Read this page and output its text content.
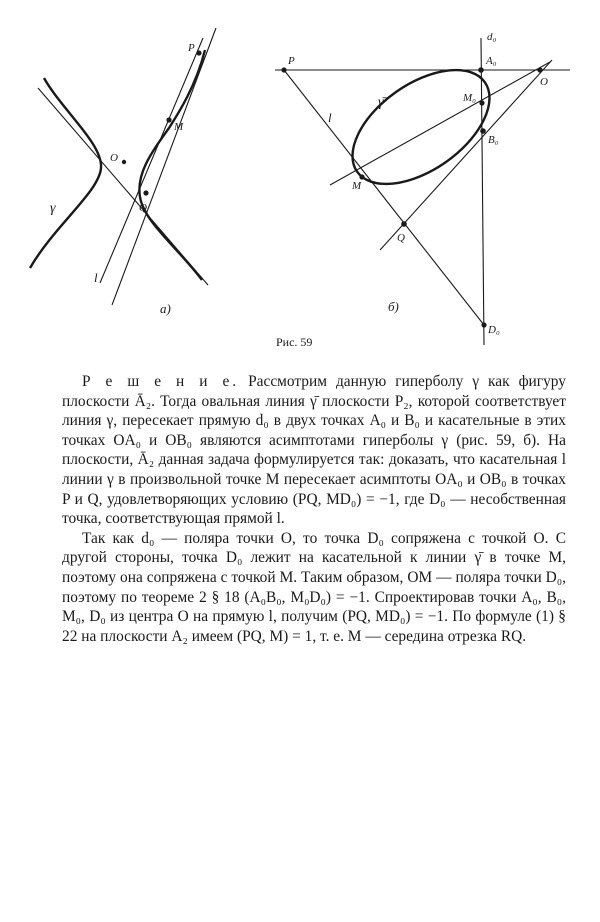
P
M
O
Q
γ
l
а)
d₀
P	A₀
O
M₀
γ̄
l
B₀
M
Q
б)
D₀
Рис. 59

Р е ш е н и е. Рассмотрим данную гиперболу γ как фигуру плоскости Ā₂. Тогда овальная линия γ̄ плоскости P₂, которой соответствует линия γ, пересекает прямую d₀ в двух точках A₀ и B₀ и касательные в этих точках OA₀ и OB₀ являются асимптотами гиперболы γ (рис. 59, б). На плоскости, Ā₂ данная задача формулируется так: доказать, что касательная l линии γ в произвольной точке M пересекает асимптоты OA₀ и OB₀ в точках P и Q, удовлетворяющих условию (PQ, MD₀) = −1, где D₀ — несобственная точка, соответствующая прямой l.

Так как d₀ — поляра точки O, то точка D₀ сопряжена с точкой O. С другой стороны, точка D₀ лежит на касательной к линии γ̄ в точке M, поэтому она сопряжена с точкой M. Таким образом, OM — поляра точки D₀, поэтому по теореме 2 § 18 (A₀B₀, M₀D₀) = −1. Спроектировав точки A₀, B₀, M₀, D₀ из центра O на прямую l, получим (PQ, MD₀) = −1. По формуле (1) § 22 на плоскости A₂ имеем (PQ, M) = 1, т. е. M — середина отрезка RQ.
